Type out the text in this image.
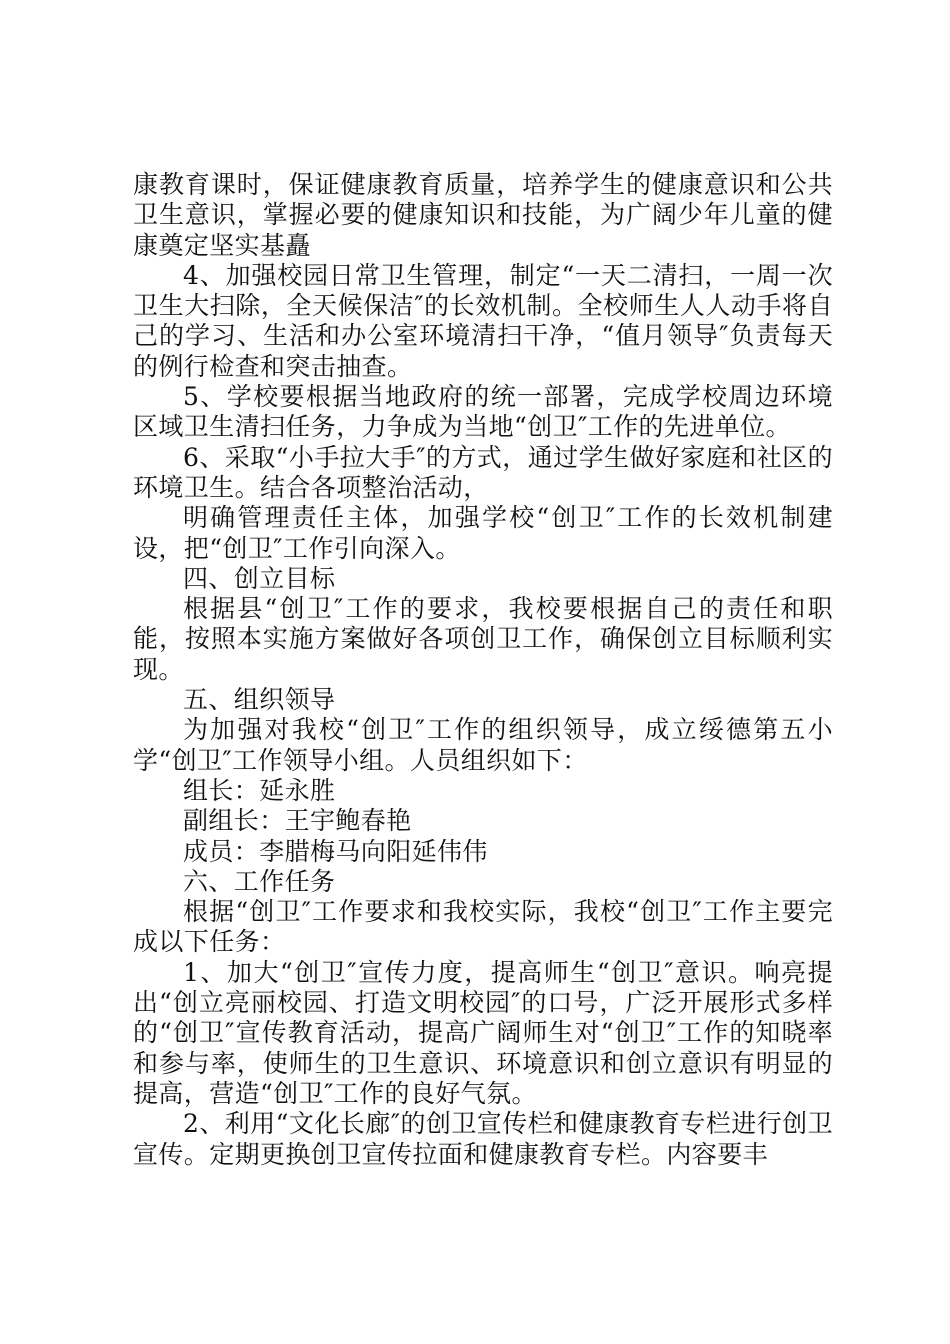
康教育课时，保证健康教育质量，培养学生的健康意识和公共卫生意识，掌握必要的健康知识和技能，为广阔少年儿童的健康奠定坚实基矗

4、加强校园日常卫生管理，制定“一天二清扫，一周一次卫生大扫除，全天候保洁″的长效机制。全校师生人人动手将自己的学习、生活和办公室环境清扫干净，“值月领导″负责每天的例行检查和突击抽查。

5、学校要根据当地政府的统一部署，完成学校周边环境区域卫生清扫任务，力争成为当地“创卫″工作的先进单位。

6、采取“小手拉大手″的方式，通过学生做好家庭和社区的环境卫生。结合各项整治活动，

明确管理责任主体，加强学校“创卫″工作的长效机制建设，把“创卫″工作引向深入。

四、创立目标

根据县“创卫″工作的要求，我校要根据自己的责任和职能，按照本实施方案做好各项创卫工作，确保创立目标顺利实现。

五、组织领导

为加强对我校“创卫″工作的组织领导，成立绥德第五小学“创卫″工作领导小组。人员组织如下：

组长：延永胜

副组长：王宇鲍春艳

成员：李腊梅马向阳延伟伟

六、工作任务

根据“创卫″工作要求和我校实际，我校“创卫″工作主要完成以下任务：

1、加大“创卫″宣传力度，提高师生“创卫″意识。响亮提出“创立亮丽校园、打造文明校园″的口号，广泛开展形式多样的“创卫″宣传教育活动，提高广阔师生对“创卫″工作的知晓率和参与率，使师生的卫生意识、环境意识和创立意识有明显的提高，营造“创卫″工作的良好气氛。

2、利用“文化长廊″的创卫宣传栏和健康教育专栏进行创卫宣传。定期更换创卫宣传拉面和健康教育专栏。内容要丰
